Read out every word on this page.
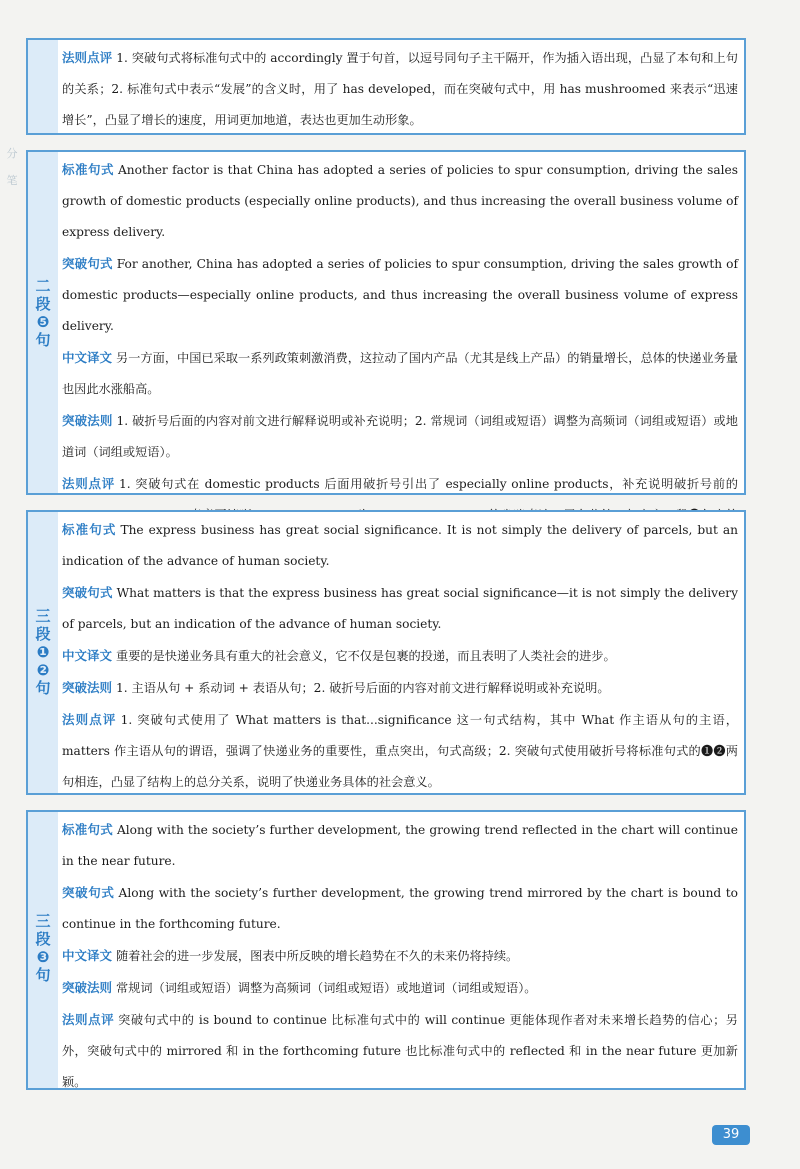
分
笔

法则点评 1. 突破句式将标准句式中的 accordingly 置于句首，以逗号同句子主干隔开，作为插入语出现，凸显了本句和上句的关系；2. 标准句式中表示“发展”的含义时，用了 has developed，而在突破句式中，用 has mushroomed 来表示“迅速增长”，凸显了增长的速度，用词更加地道，表达也更加生动形象。

二
段
❺
句

标准句式 Another factor is that China has adopted a series of policies to spur consumption, driving the sales growth of domestic products (especially online products), and thus increasing the overall business volume of express delivery.

突破句式 For another, China has adopted a series of policies to spur consumption, driving the sales growth of domestic products—especially online products, and thus increasing the overall business volume of express delivery.

中文译文 另一方面，中国已采取一系列政策刺激消费，这拉动了国内产品（尤其是线上产品）的销量增长，总体的快递业务量也因此水涨船高。

突破法则 1. 破折号后面的内容对前文进行解释说明或补充说明；2. 常规词（词组或短语）调整为高频词（词组或短语）或地道词（词组或短语）。

法则点评 1. 突破句式在 domestic products 后面用破折号引出了 especially online products，补充说明破折号前的

三
段
❶
❷
句

标准句式 The express business has great social significance. It is not simply the delivery of parcels, but an indication of the advance of human society.

突破句式 What matters is that the express business has great social significance—it is not simply the delivery of parcels, but an indication of the advance of human society.

中文译文 重要的是快递业务具有重大的社会意义，它不仅是包裹的投递，而且表明了人类社会的进步。

突破法则 1. 主语从句 + 系动词 + 表语从句；2. 破折号后面的内容对前文进行解释说明或补充说明。

法则点评 1. 突破句式使用了 What matters is that...significance 这一句式结构，其中 What 作主语从句的主语，matters 作主语从句的谓语，强调了快递业务的重要性，重点突出，句式高级；2. 突破句式使用破折号将标准句式的❶❷两句相连，凸显了结构上的总分关系，说明了快递业务具体的社会意义。

三
段
❸
句

标准句式 Along with the society’s further development, the growing trend reflected in the chart will continue in the near future.

突破句式 Along with the society’s further development, the growing trend mirrored by the chart is bound to continue in the forthcoming future.

中文译文 随着社会的进一步发展，图表中所反映的增长趋势在不久的未来仍将持续。

突破法则 常规词（词组或短语）调整为高频词（词组或短语）或地道词（词组或短语）。

法则点评 突破句式中的 is bound to continue 比标准句式中的 will continue 更能体现作者对未来增长趋势的信心；另外，突破句式中的 mirrored 和 in the forthcoming future 也比标准句式中的 reflected 和 in the near future 更加新颖。

39
